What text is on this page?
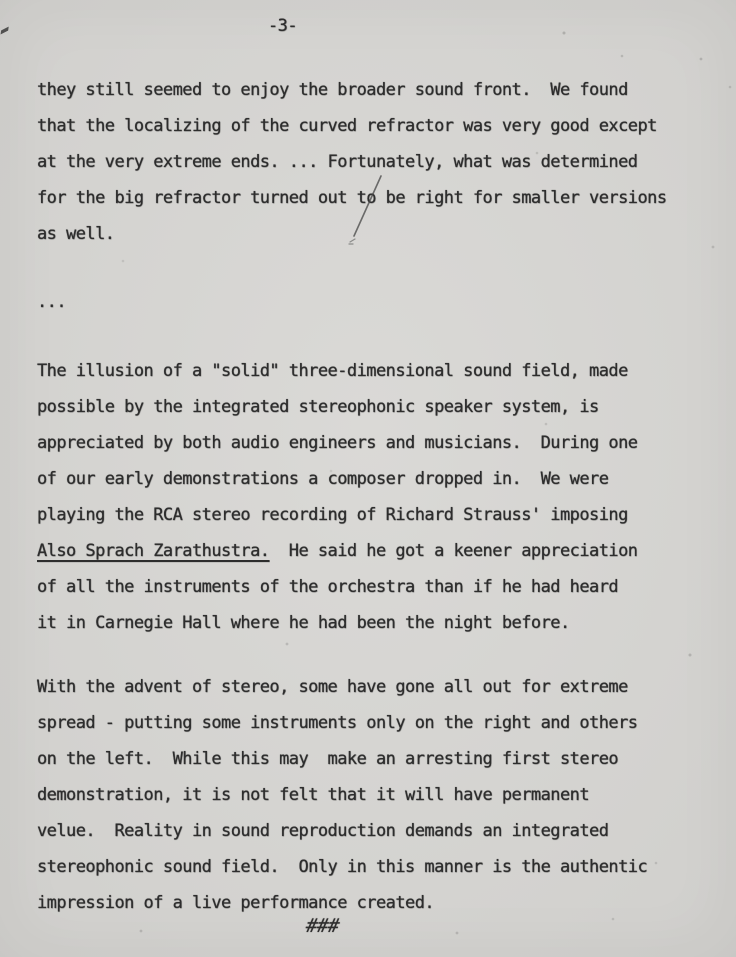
-3-
they still seemed to enjoy the broader sound front.  We found
that the localizing of the curved refractor was very good except
at the very extreme ends. ... Fortunately, what was determined
for the big refractor turned out to be right for smaller versions
as well.
...
The illusion of a "solid" three-dimensional sound field, made
possible by the integrated stereophonic speaker system, is
appreciated by both audio engineers and musicians.  During one
of our early demonstrations a composer dropped in.  We were
playing the RCA stereo recording of Richard Strauss' imposing
Also Sprach Zarathustra.  He said he got a keener appreciation
of all the instruments of the orchestra than if he had heard
it in Carnegie Hall where he had been the night before.
With the advent of stereo, some have gone all out for extreme
spread - putting some instruments only on the right and others
on the left.  While this may  make an arresting first stereo
demonstration, it is not felt that it will have permanent
velue.  Reality in sound reproduction demands an integrated
stereophonic sound field.  Only in this manner is the authentic
impression of a live performance created.
###
